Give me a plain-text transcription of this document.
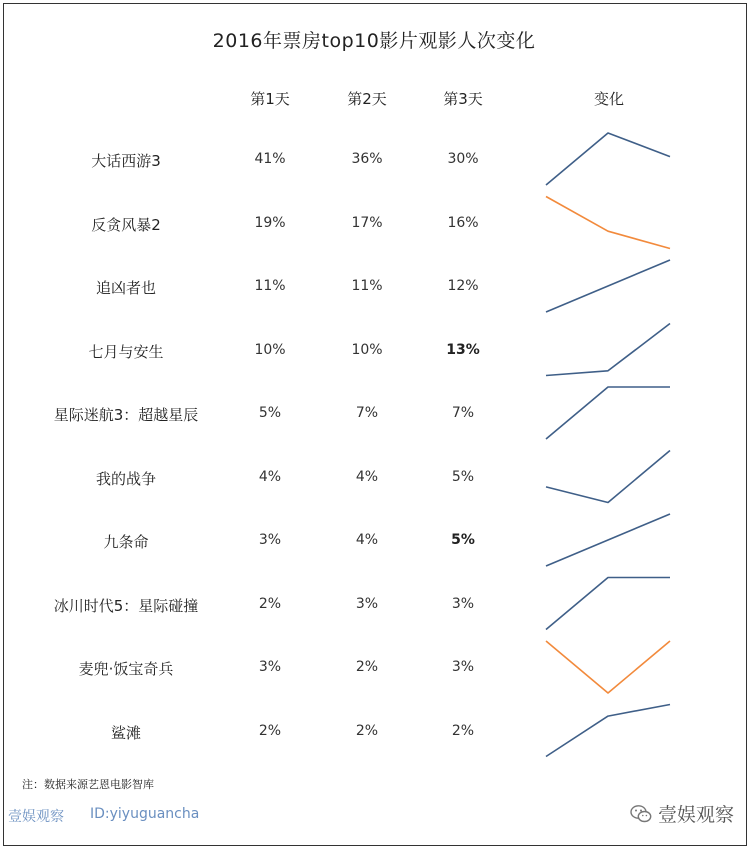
2016年票房top10影片观影人次变化
第1天	第2天	第3天	变化
大话西游3	41%	36%	30%
反贪风暴2	19%	17%	16%
追凶者也	11%	11%	12%
七月与安生	10%	10%	13%
星际迷航3：超越星辰	5%	7%	7%
我的战争	4%	4%	5%
九条命	3%	4%	5%
冰川时代5：星际碰撞	2%	3%	3%
麦兜·饭宝奇兵	3%	2%	3%
鲨滩	2%	2%	2%
注：数据来源艺恩电影智库
壹娱观察 ID:yiyuguancha	壹娱观察
